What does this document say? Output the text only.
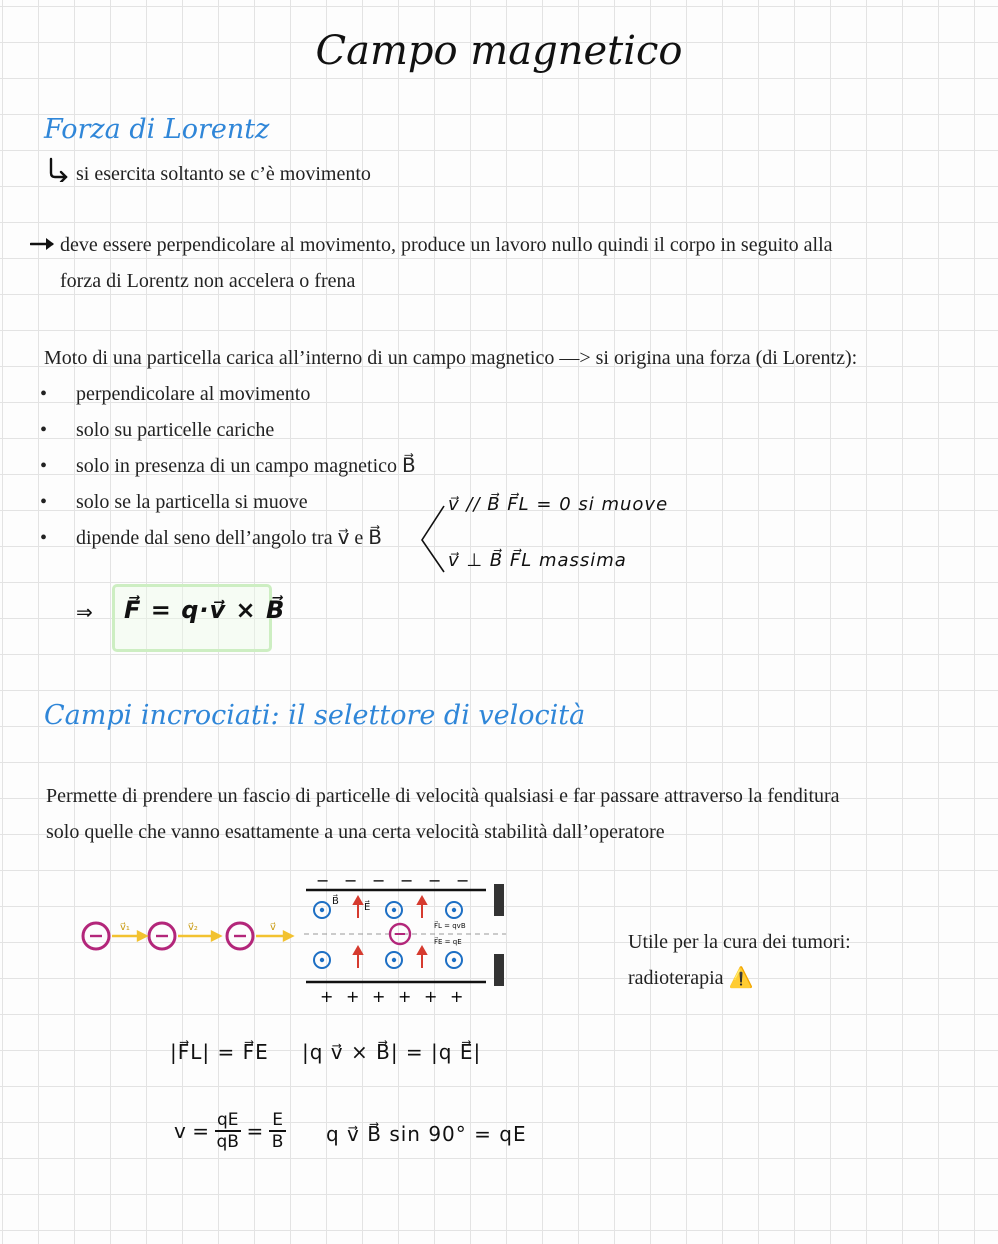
Campo magnetico
Forza di Lorentz
si esercita soltanto se c’è movimento
deve essere perpendicolare al movimento, produce un lavoro nullo quindi il corpo in seguito alla
forza di Lorentz non accelera o frena
Moto di una particella carica all’interno di un campo magnetico —> si origina una forza (di Lorentz):
• perpendicolare al movimento
• solo su particelle cariche
• solo in presenza di un campo magnetico B⃗
• solo se la particella si muove
• dipende dal seno dell’angolo tra v⃗ e B⃗
v⃗ // B⃗ F⃗L = 0 si muove
v⃗ ⊥ B⃗ F⃗L massima
⇒ F⃗ = q·v⃗ × B⃗
Campi incrociati: il selettore di velocità
Permette di prendere un fascio di particelle di velocità qualsiasi e far passare attraverso la fenditura
solo quelle che vanno esattamente a una certa velocità stabilità dall’operatore
− − − − − −
+ + + + + +
B⃗
E⃗
F⃗L = qvB
F⃗E = qE
v⃗₁	v⃗₂	v⃗
Utile per la cura dei tumori:
radioterapia ⚠️
|F⃗L| = F⃗E |q v⃗ × B⃗| = |q E⃗|
$v = \frac{qE}{qB} = \frac{E}{B}$ q v⃗ B⃗ sin 90° = qE
